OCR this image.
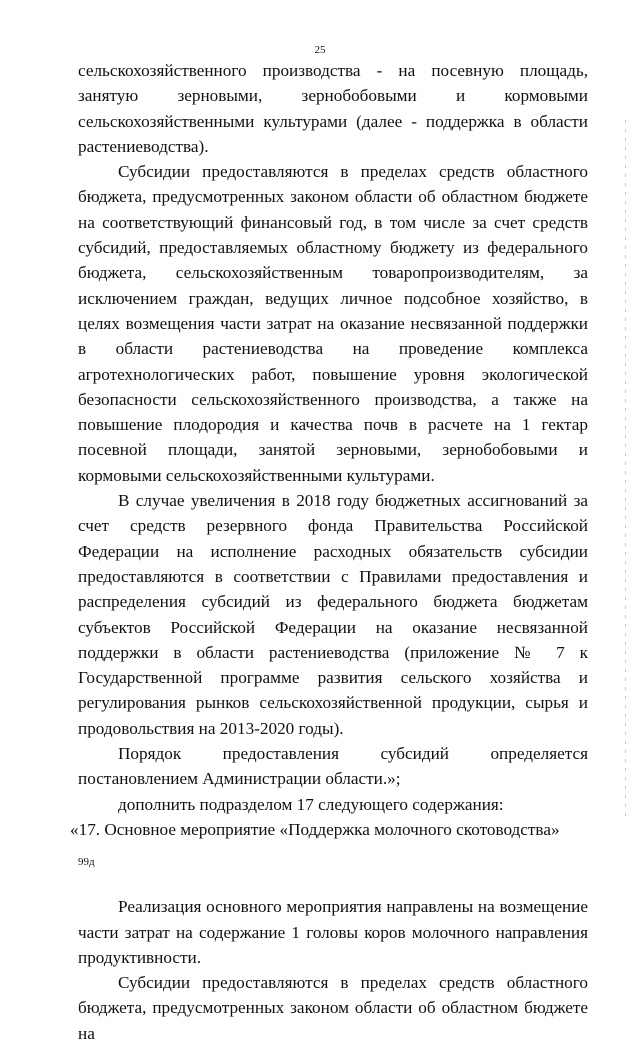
25

сельскохозяйственного производства - на посевную площадь, занятую зерновыми, зернобобовыми и кормовыми сельскохозяйственными культурами (далее - поддержка в области растениеводства).

Субсидии предоставляются в пределах средств областного бюджета, предусмотренных законом области об областном бюджете на соответствующий финансовый год, в том числе за счет средств субсидий, предоставляемых областному бюджету из федерального бюджета, сельскохозяйственным товаропроизводителям, за исключением граждан, ведущих личное подсобное хозяйство, в целях возмещения части затрат на оказание несвязанной поддержки в области растениеводства на проведение комплекса агротехнологических работ, повышение уровня экологической безопасности сельскохозяйственного производства, а также на повышение плодородия и качества почв в расчете на 1 гектар посевной площади, занятой зерновыми, зернобобовыми и кормовыми сельскохозяйственными культурами.

В случае увеличения в 2018 году бюджетных ассигнований за счет средств резервного фонда Правительства Российской Федерации на исполнение расходных обязательств субсидии предоставляются в соответствии с Правилами предоставления и распределения субсидий из федерального бюджета бюджетам субъектов Российской Федерации на оказание несвязанной поддержки в области растениеводства (приложение № 7 к Государственной программе развития сельского хозяйства и регулирования рынков сельскохозяйственной продукции, сырья и продовольствия на 2013-2020 годы).

Порядок предоставления субсидий определяется постановлением Администрации области.»;

дополнить подразделом 17 следующего содержания:

«17. Основное мероприятие «Поддержка молочного скотоводства»

Реализация основного мероприятия направлены на возмещение части затрат на содержание 1 головы коров молочного направления продуктивности.

Субсидии предоставляются в пределах средств областного бюджета, предусмотренных законом области об областном бюджете на

99д
